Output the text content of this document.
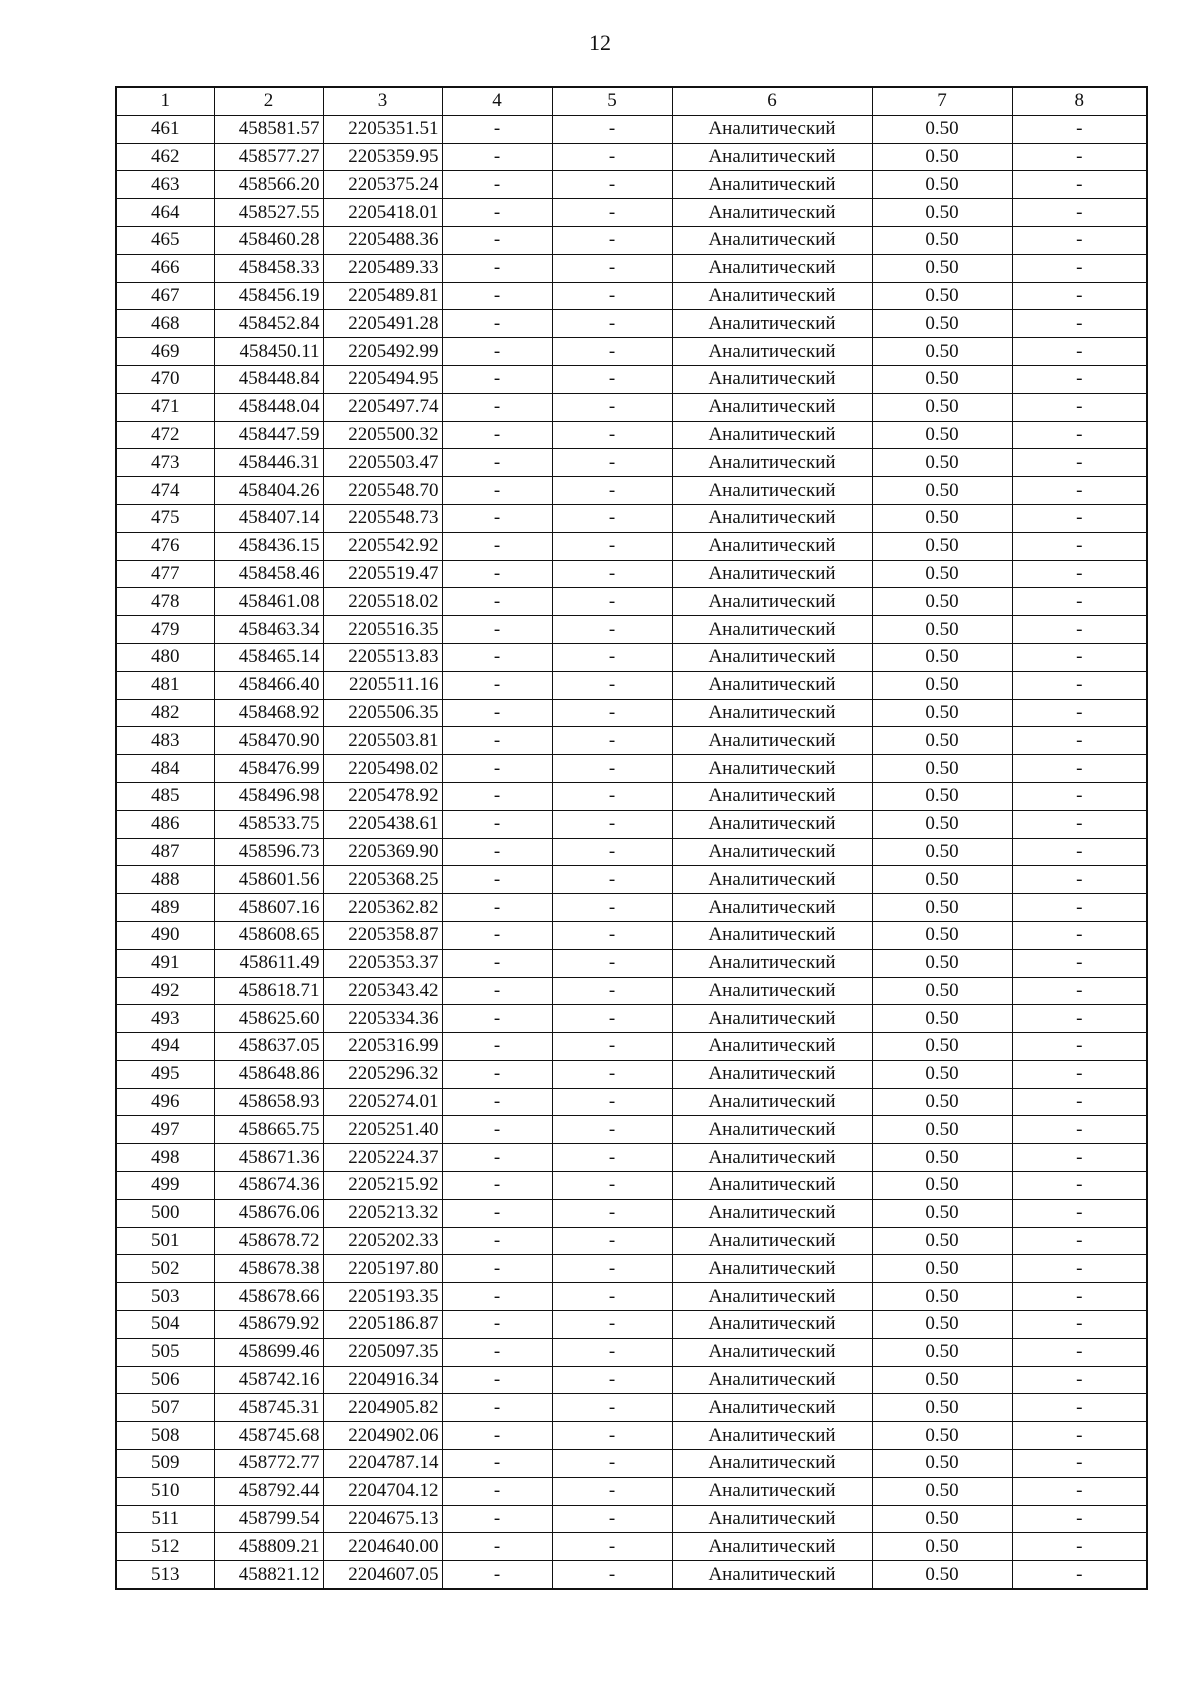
12
1	2	3	4	5	6	7	8
461	458581.57	2205351.51	-	-	Аналитический	0.50	-
462	458577.27	2205359.95	-	-	Аналитический	0.50	-
463	458566.20	2205375.24	-	-	Аналитический	0.50	-
464	458527.55	2205418.01	-	-	Аналитический	0.50	-
465	458460.28	2205488.36	-	-	Аналитический	0.50	-
466	458458.33	2205489.33	-	-	Аналитический	0.50	-
467	458456.19	2205489.81	-	-	Аналитический	0.50	-
468	458452.84	2205491.28	-	-	Аналитический	0.50	-
469	458450.11	2205492.99	-	-	Аналитический	0.50	-
470	458448.84	2205494.95	-	-	Аналитический	0.50	-
471	458448.04	2205497.74	-	-	Аналитический	0.50	-
472	458447.59	2205500.32	-	-	Аналитический	0.50	-
473	458446.31	2205503.47	-	-	Аналитический	0.50	-
474	458404.26	2205548.70	-	-	Аналитический	0.50	-
475	458407.14	2205548.73	-	-	Аналитический	0.50	-
476	458436.15	2205542.92	-	-	Аналитический	0.50	-
477	458458.46	2205519.47	-	-	Аналитический	0.50	-
478	458461.08	2205518.02	-	-	Аналитический	0.50	-
479	458463.34	2205516.35	-	-	Аналитический	0.50	-
480	458465.14	2205513.83	-	-	Аналитический	0.50	-
481	458466.40	2205511.16	-	-	Аналитический	0.50	-
482	458468.92	2205506.35	-	-	Аналитический	0.50	-
483	458470.90	2205503.81	-	-	Аналитический	0.50	-
484	458476.99	2205498.02	-	-	Аналитический	0.50	-
485	458496.98	2205478.92	-	-	Аналитический	0.50	-
486	458533.75	2205438.61	-	-	Аналитический	0.50	-
487	458596.73	2205369.90	-	-	Аналитический	0.50	-
488	458601.56	2205368.25	-	-	Аналитический	0.50	-
489	458607.16	2205362.82	-	-	Аналитический	0.50	-
490	458608.65	2205358.87	-	-	Аналитический	0.50	-
491	458611.49	2205353.37	-	-	Аналитический	0.50	-
492	458618.71	2205343.42	-	-	Аналитический	0.50	-
493	458625.60	2205334.36	-	-	Аналитический	0.50	-
494	458637.05	2205316.99	-	-	Аналитический	0.50	-
495	458648.86	2205296.32	-	-	Аналитический	0.50	-
496	458658.93	2205274.01	-	-	Аналитический	0.50	-
497	458665.75	2205251.40	-	-	Аналитический	0.50	-
498	458671.36	2205224.37	-	-	Аналитический	0.50	-
499	458674.36	2205215.92	-	-	Аналитический	0.50	-
500	458676.06	2205213.32	-	-	Аналитический	0.50	-
501	458678.72	2205202.33	-	-	Аналитический	0.50	-
502	458678.38	2205197.80	-	-	Аналитический	0.50	-
503	458678.66	2205193.35	-	-	Аналитический	0.50	-
504	458679.92	2205186.87	-	-	Аналитический	0.50	-
505	458699.46	2205097.35	-	-	Аналитический	0.50	-
506	458742.16	2204916.34	-	-	Аналитический	0.50	-
507	458745.31	2204905.82	-	-	Аналитический	0.50	-
508	458745.68	2204902.06	-	-	Аналитический	0.50	-
509	458772.77	2204787.14	-	-	Аналитический	0.50	-
510	458792.44	2204704.12	-	-	Аналитический	0.50	-
511	458799.54	2204675.13	-	-	Аналитический	0.50	-
512	458809.21	2204640.00	-	-	Аналитический	0.50	-
513	458821.12	2204607.05	-	-	Аналитический	0.50	-
